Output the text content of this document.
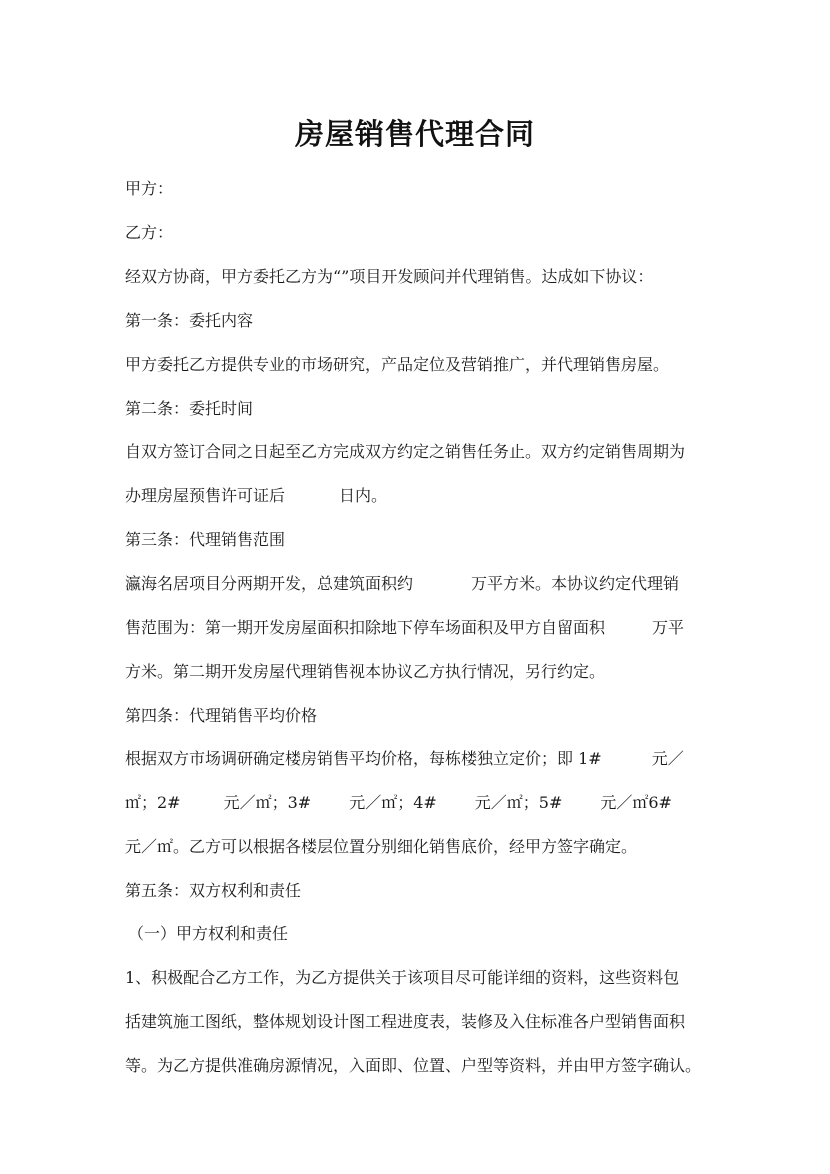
房屋销售代理合同
甲方：
乙方：
经双方协商，甲方委托乙方为“”项目开发顾问并代理销售。达成如下协议：
第一条：委托内容
甲方委托乙方提供专业的市场研究，产品定位及营销推广，并代理销售房屋。
第二条：委托时间
自双方签订合同之日起至乙方完成双方约定之销售任务止。双方约定销售周期为
办理房屋预售许可证后	日内。
第三条：代理销售范围
瀛海名居项目分两期开发，总建筑面积约	万平方米。本协议约定代理销
售范围为：第一期开发房屋面积扣除地下停车场面积及甲方自留面积	万平
方米。第二期开发房屋代理销售视本协议乙方执行情况，另行约定。
第四条：代理销售平均价格
根据双方市场调研确定楼房销售平均价格，每栋楼独立定价；即 1#	元／
㎡；2#	元／㎡；3# 元／㎡；4# 元／㎡；5# 元／㎡6#
元／㎡。乙方可以根据各楼层位置分别细化销售底价，经甲方签字确定。
第五条：双方权利和责任
（一）甲方权利和责任
1、积极配合乙方工作，为乙方提供关于该项目尽可能详细的资料，这些资料包
括建筑施工图纸，整体规划设计图工程进度表，装修及入住标准各户型销售面积
等。为乙方提供准确房源情况，入面即、位置、户型等资料，并由甲方签字确认。
